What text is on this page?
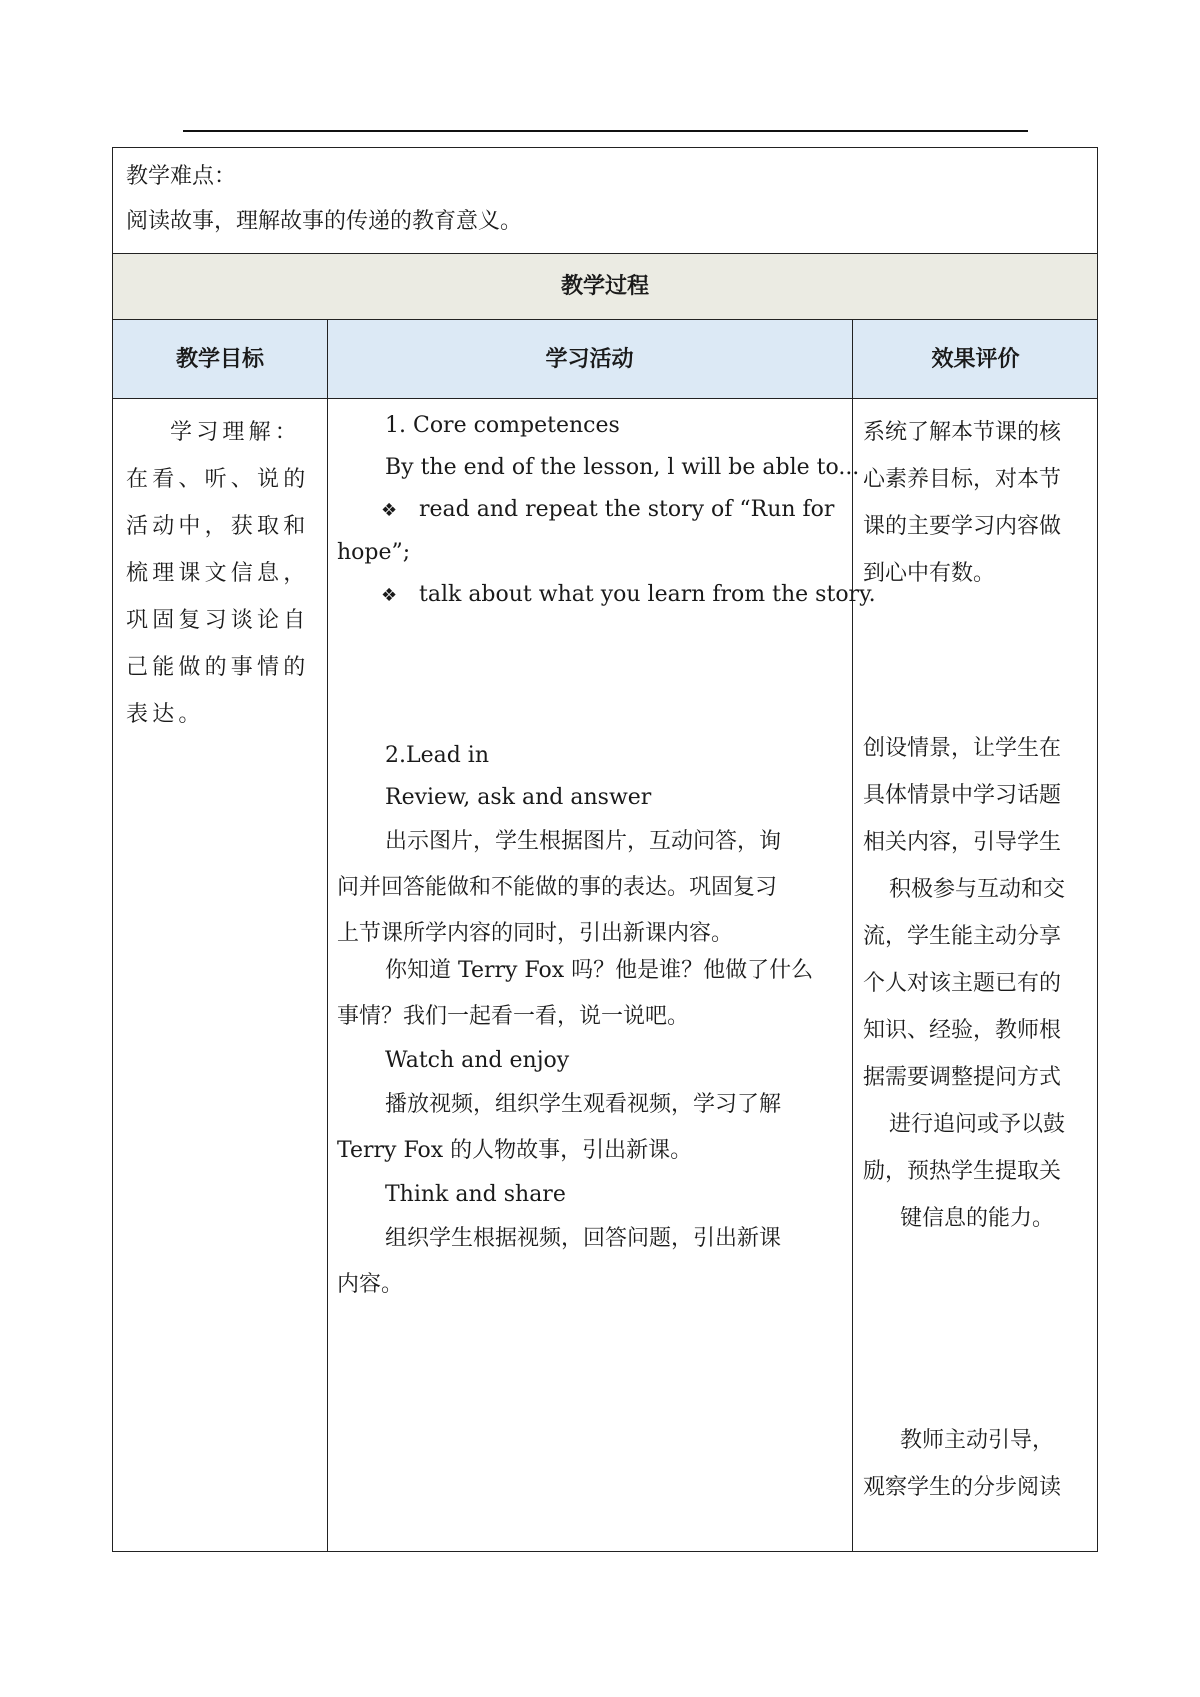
教学难点：
阅读故事，理解故事的传递的教育意义。
教学过程
教学目标	学习活动	效果评价

学习理解：
在看、听、说的
活动中，获取和
梳理课文信息，
巩固复习谈论自
己能做的事情的
表达。

1. Core competences
By the end of the lesson, l will be able to...
❖ read and repeat the story of “Run for
hope”;
❖ talk about what you learn from the story.
2.Lead in
Review, ask and answer
出示图片，学生根据图片，互动问答，询
问并回答能做和不能做的事的表达。巩固复习
上节课所学内容的同时，引出新课内容。
你知道 Terry Fox 吗？他是谁？他做了什么
事情？我们一起看一看，说一说吧。
Watch and enjoy
播放视频，组织学生观看视频，学习了解
Terry Fox 的人物故事，引出新课。
Think and share
组织学生根据视频，回答问题，引出新课
内容。
系统了解本节课的核
心素养目标，对本节
课的主要学习内容做
到心中有数。
创设情景，让学生在
具体情景中学习话题
相关内容，引导学生
积极参与互动和交
流，学生能主动分享
个人对该主题已有的
知识、经验，教师根
据需要调整提问方式
进行追问或予以鼓
励，预热学生提取关
键信息的能力。
教师主动引导，
观察学生的分步阅读
